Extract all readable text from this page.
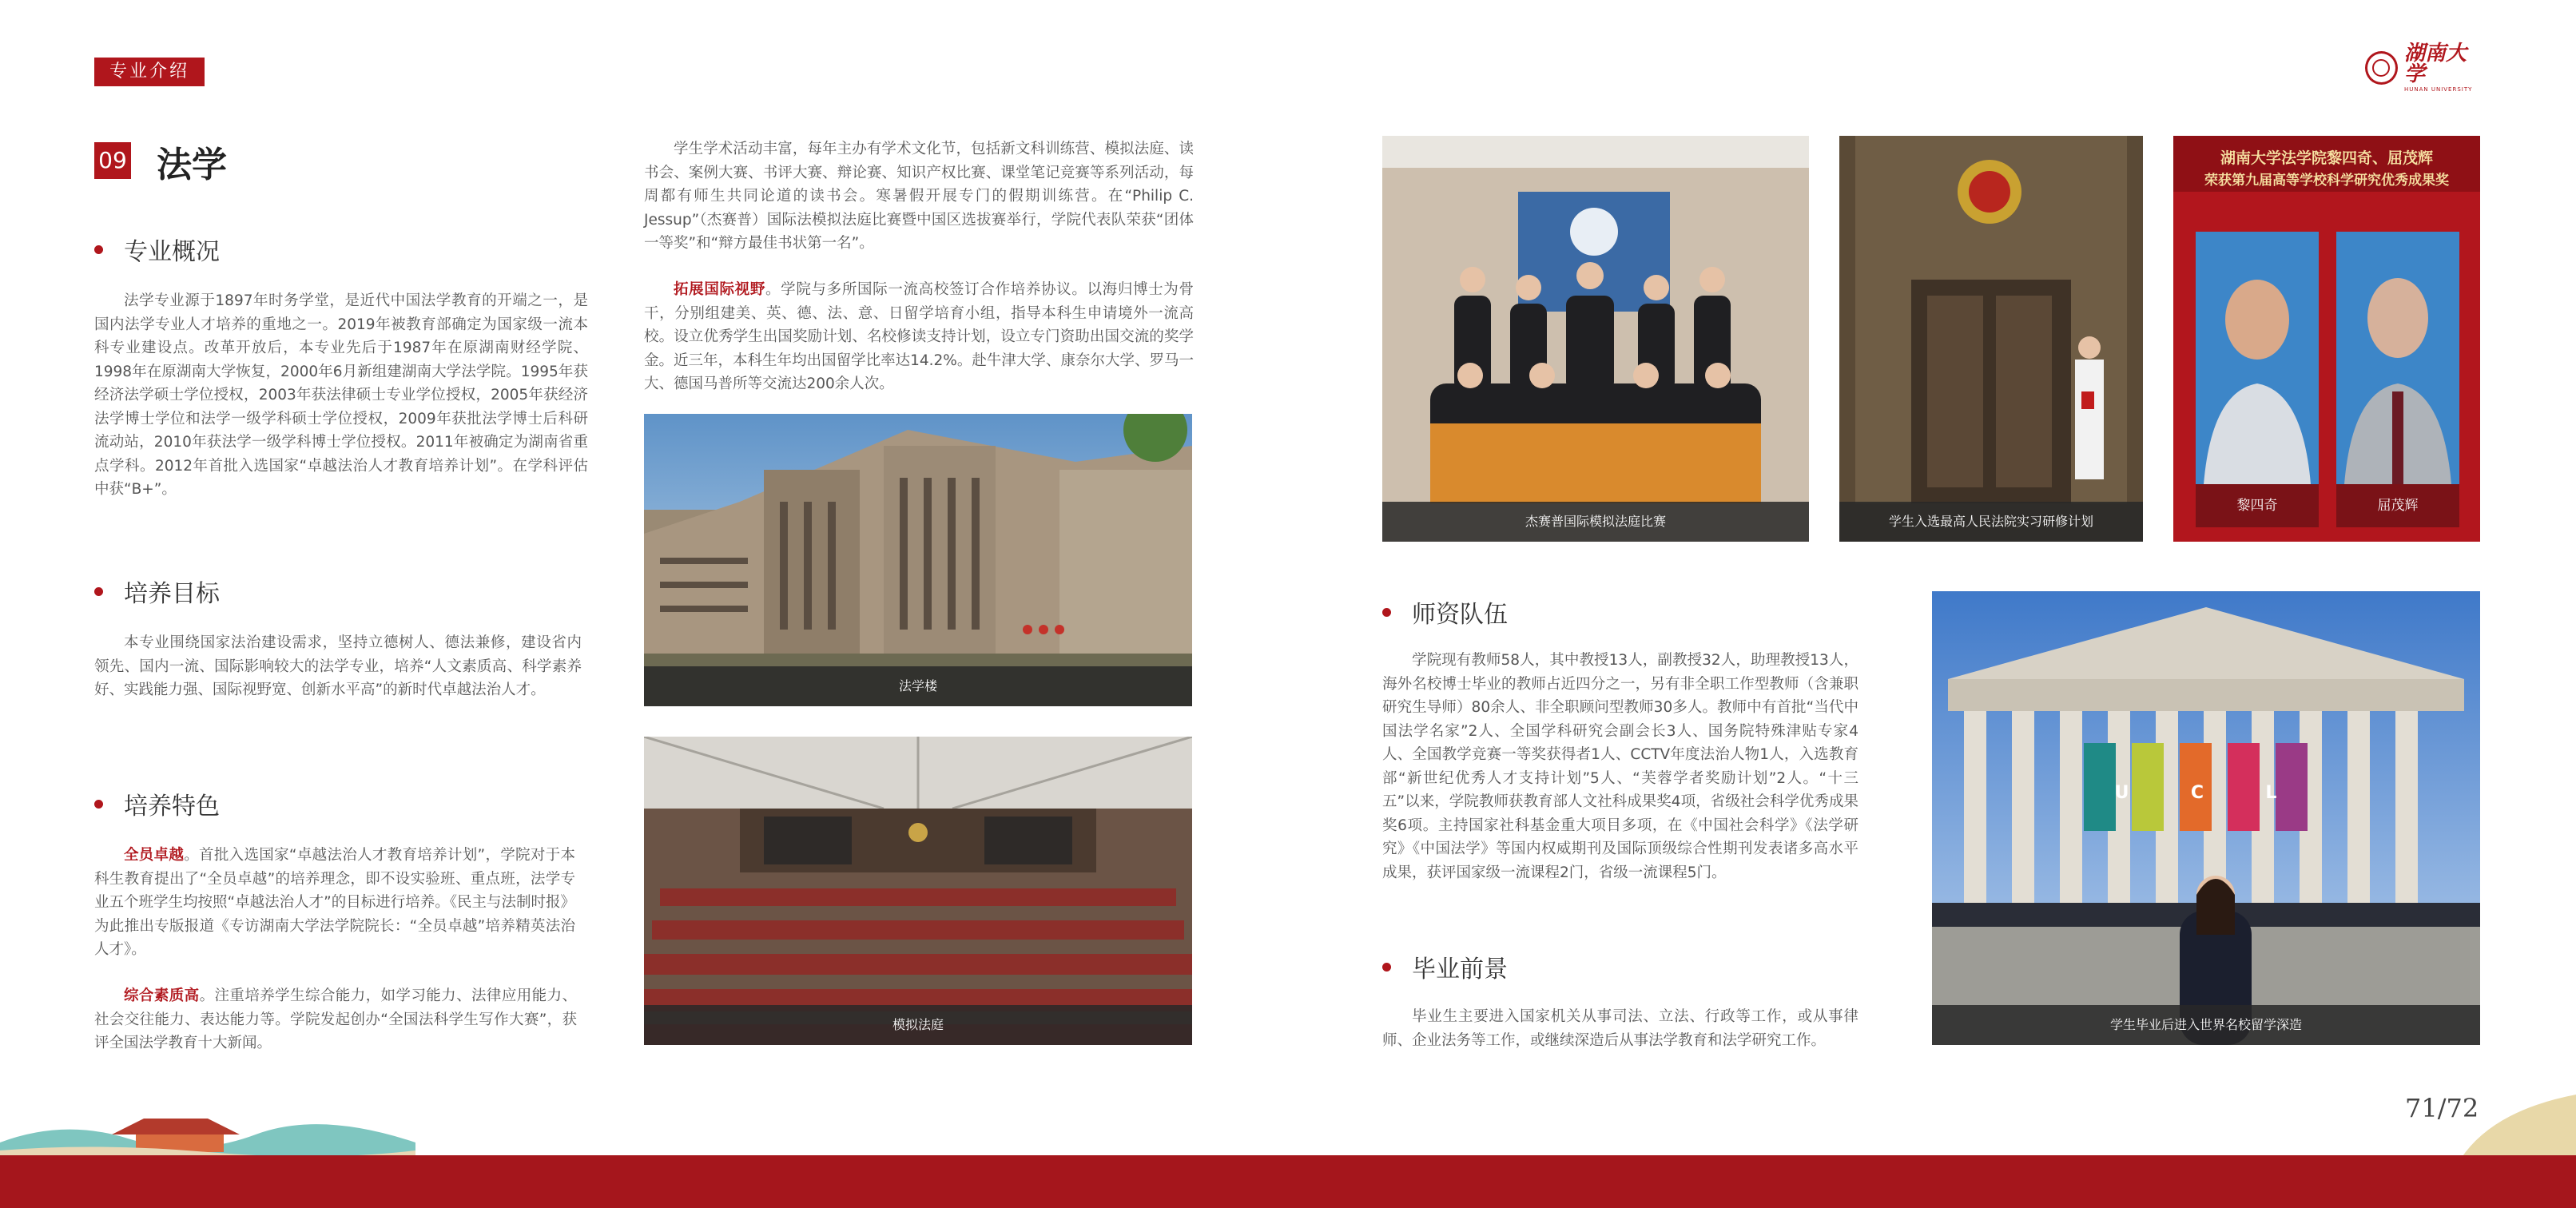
专业介绍
湖南大学
HUNAN UNIVERSITY
09 法学
专业概况

法学专业源于1897年时务学堂，是近代中国法学教育的开端之一，是国内法学专业人才培养的重地之一。2019年被教育部确定为国家级一流本科专业建设点。改革开放后，本专业先后于1987年在原湖南财经学院、1998年在原湖南大学恢复，2000年6月新组建湖南大学法学院。1995年获经济法学硕士学位授权，2003年获法律硕士专业学位授权，2005年获经济法学博士学位和法学一级学科硕士学位授权，2009年获批法学博士后科研流动站，2010年获法学一级学科博士学位授权。2011年被确定为湖南省重点学科。2012年首批入选国家“卓越法治人才教育培养计划”。在学科评估中获“B+”。

培养目标

本专业围绕国家法治建设需求，坚持立德树人、德法兼修，建设省内领先、国内一流、国际影响较大的法学专业，培养“人文素质高、科学素养好、实践能力强、国际视野宽、创新水平高”的新时代卓越法治人才。

培养特色

全员卓越。首批入选国家“卓越法治人才教育培养计划”，学院对于本科生教育提出了“全员卓越”的培养理念，即不设实验班、重点班，法学专业五个班学生均按照“卓越法治人才”的目标进行培养。《民主与法制时报》为此推出专版报道《专访湖南大学法学院院长：“全员卓越”培养精英法治人才》。

综合素质高。注重培养学生综合能力，如学习能力、法律应用能力、社会交往能力、表达能力等。学院发起创办“全国法科学生写作大赛”，获评全国法学教育十大新闻。

学生学术活动丰富，每年主办有学术文化节，包括新文科训练营、模拟法庭、读书会、案例大赛、书评大赛、辩论赛、知识产权比赛、课堂笔记竞赛等系列活动，每周都有师生共同论道的读书会。寒暑假开展专门的假期训练营。在“Philip C. Jessup”（杰赛普）国际法模拟法庭比赛暨中国区选拔赛举行，学院代表队荣获“团体一等奖”和“辩方最佳书状第一名”。

拓展国际视野。学院与多所国际一流高校签订合作培养协议。以海归博士为骨干，分别组建美、英、德、法、意、日留学培育小组，指导本科生申请境外一流高校。设立优秀学生出国奖励计划、名校修读支持计划，设立专门资助出国交流的奖学金。近三年，本科生年均出国留学比率达14.2%。赴牛津大学、康奈尔大学、罗马一大、德国马普所等交流达200余人次。

法学楼
模拟法庭
杰赛普国际模拟法庭比赛	学生入选最高人民法院实习研修计划
湖南大学法学院黎四奇、屈茂辉
荣获第九届高等学校科学研究优秀成果奖
黎四奇	屈茂辉
师资队伍

学院现有教师58人，其中教授13人，副教授32人，助理教授13人，海外名校博士毕业的教师占近四分之一，另有非全职工作型教师（含兼职研究生导师）80余人、非全职顾问型教师30多人。教师中有首批“当代中国法学名家”2人、全国学科研究会副会长3人、国务院特殊津贴专家4人、全国教学竞赛一等奖获得者1人、CCTV年度法治人物1人，入选教育部“新世纪优秀人才支持计划”5人、“芙蓉学者奖励计划”2人。“十三五”以来，学院教师获教育部人文社科成果奖4项，省级社会科学优秀成果奖6项。主持国家社科基金重大项目多项，在《中国社会科学》《法学研究》《中国法学》等国内权威期刊及国际顶级综合性期刊发表诸多高水平成果，获评国家级一流课程2门，省级一流课程5门。

毕业前景

毕业生主要进入国家机关从事司法、立法、行政等工作，或从事律师、企业法务等工作，或继续深造后从事法学教育和法学研究工作。

U	C	L
学生毕业后进入世界名校留学深造
71/72
